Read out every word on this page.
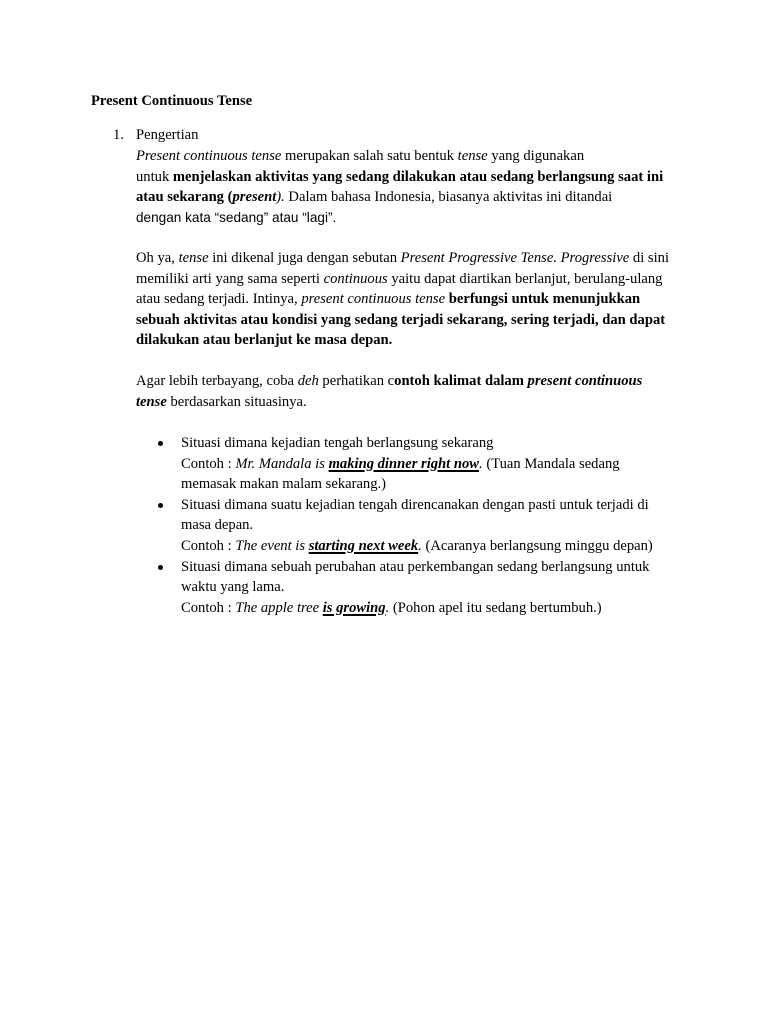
Present Continuous Tense
1. Pengertian

Present continuous tense merupakan salah satu bentuk tense yang digunakan
untuk menjelaskan aktivitas yang sedang dilakukan atau sedang berlangsung saat ini atau sekarang (present). Dalam bahasa Indonesia, biasanya aktivitas ini ditandai
dengan kata “sedang” atau “lagi”.

Oh ya, tense ini dikenal juga dengan sebutan Present Progressive Tense. Progressive di sini memiliki arti yang sama seperti continuous yaitu dapat diartikan berlanjut, berulang-ulang atau sedang terjadi. Intinya, present continuous tense berfungsi untuk menunjukkan sebuah aktivitas atau kondisi yang sedang terjadi sekarang, sering terjadi, dan dapat dilakukan atau berlanjut ke masa depan.

Agar lebih terbayang, coba deh perhatikan contoh kalimat dalam present continuous tense berdasarkan situasinya.

Situasi dimana kejadian tengah berlangsung sekarang
Contoh : Mr. Mandala is making dinner right now. (Tuan Mandala sedang memasak makan malam sekarang.)
Situasi dimana suatu kejadian tengah direncanakan dengan pasti untuk terjadi di masa depan.
Contoh : The event is starting next week. (Acaranya berlangsung minggu depan)
Situasi dimana sebuah perubahan atau perkembangan sedang berlangsung untuk waktu yang lama.
Contoh : The apple tree is growing. (Pohon apel itu sedang bertumbuh.)
